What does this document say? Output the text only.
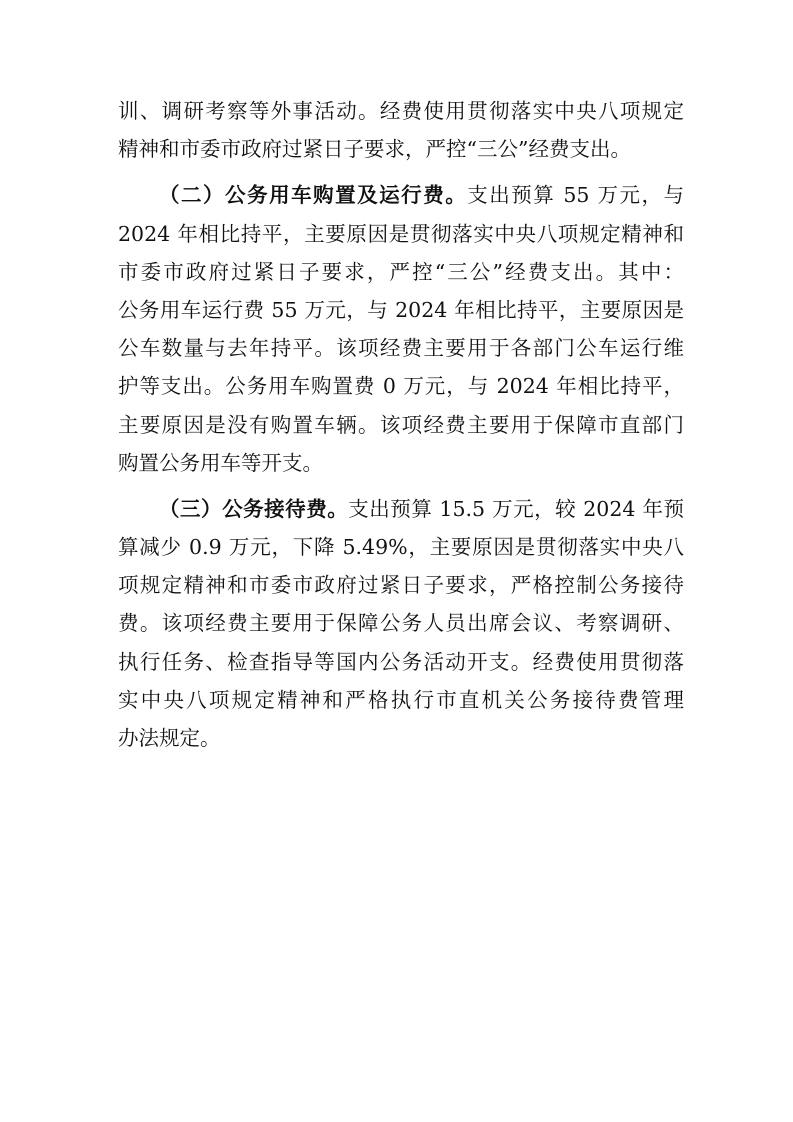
训、调研考察等外事活动。经费使用贯彻落实中央八项规定
精神和市委市政府过紧日子要求，严控“三公”经费支出。
（二）公务用车购置及运行费。支出预算 55 万元，与
2024 年相比持平，主要原因是贯彻落实中央八项规定精神和
市委市政府过紧日子要求，严控“三公”经费支出。其中：
公务用车运行费 55 万元，与 2024 年相比持平，主要原因是
公车数量与去年持平。该项经费主要用于各部门公车运行维
护等支出。公务用车购置费 0 万元，与 2024 年相比持平，
主要原因是没有购置车辆。该项经费主要用于保障市直部门
购置公务用车等开支。
（三）公务接待费。支出预算 15.5 万元，较 2024 年预
算减少 0.9 万元，下降 5.49%，主要原因是贯彻落实中央八
项规定精神和市委市政府过紧日子要求，严格控制公务接待
费。该项经费主要用于保障公务人员出席会议、考察调研、
执行任务、检查指导等国内公务活动开支。经费使用贯彻落
实中央八项规定精神和严格执行市直机关公务接待费管理
办法规定。
